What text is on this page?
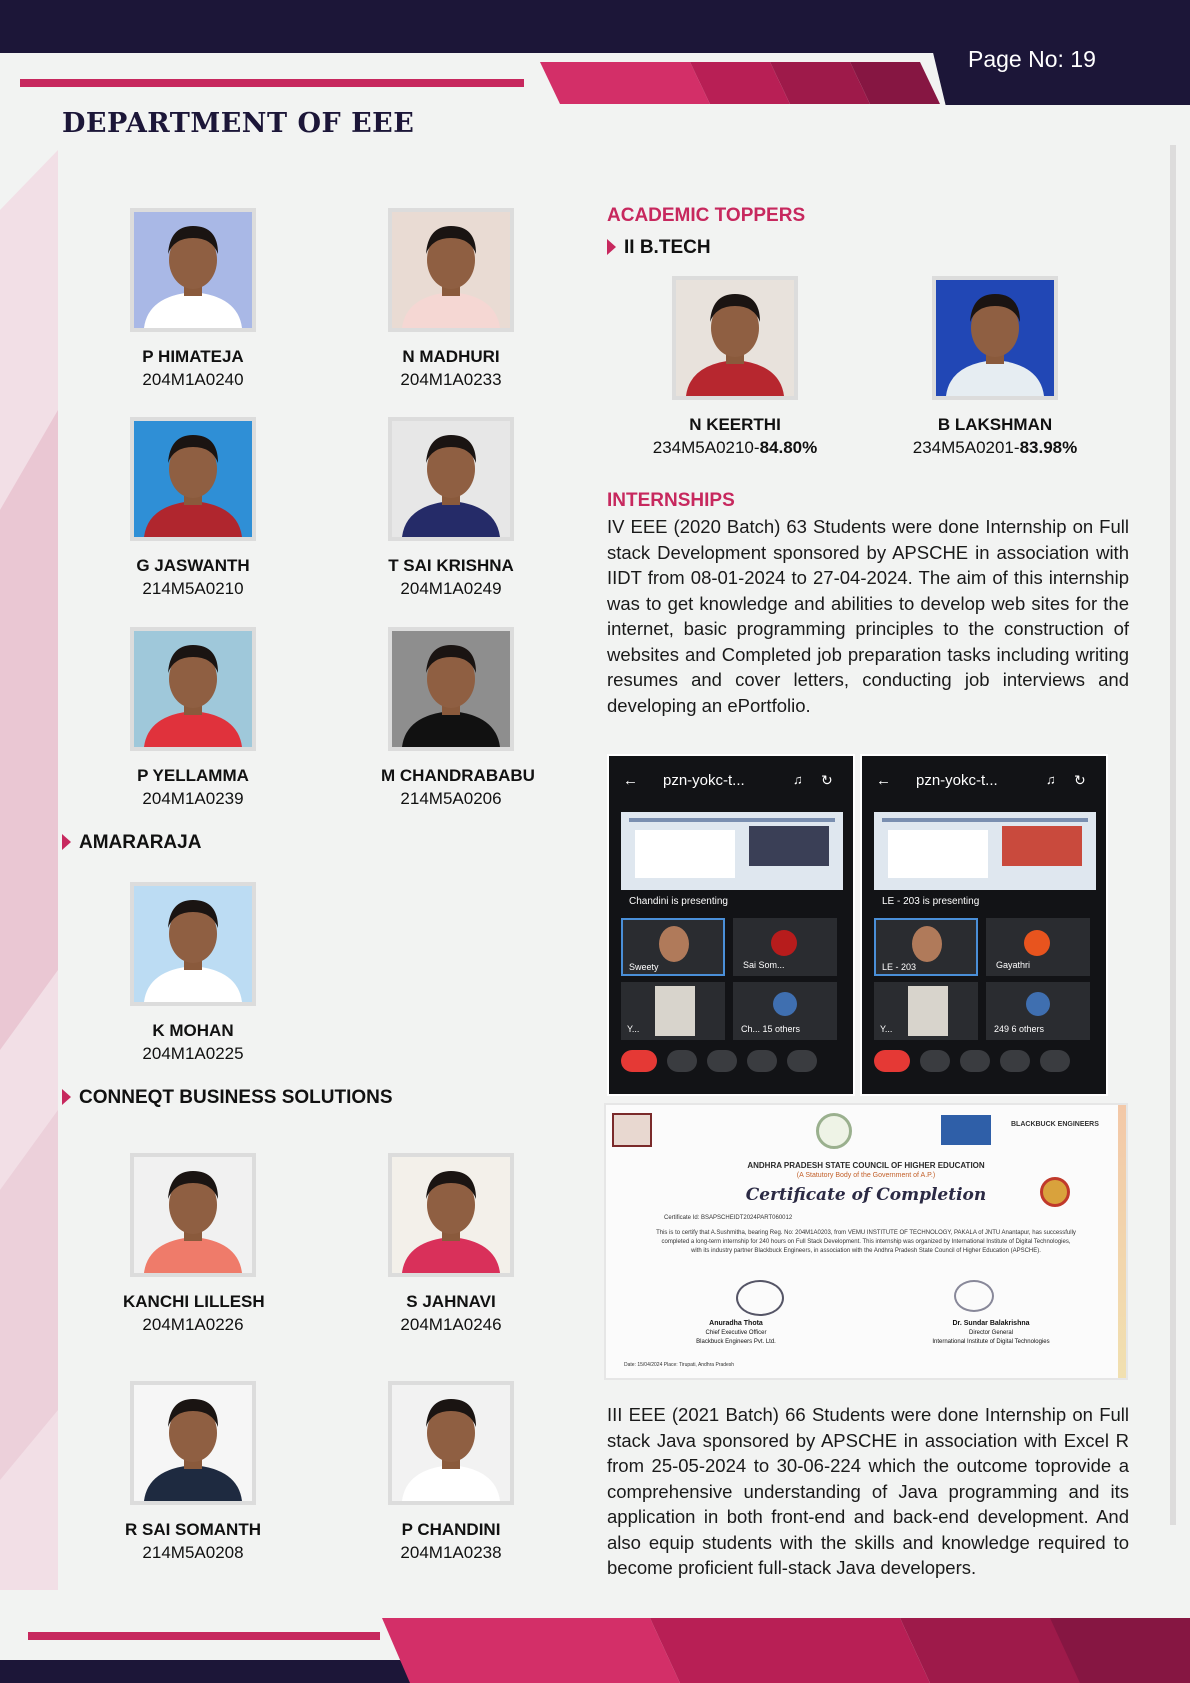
Page No: 19
DEPARTMENT OF EEE
P HIMATEJA
204M1A0240
N MADHURI
204M1A0233
G JASWANTH
214M5A0210
T SAI KRISHNA
204M1A0249
P YELLAMMA
204M1A0239
M CHANDRABABU
214M5A0206
AMARARAJA
K MOHAN
204M1A0225
CONNEQT BUSINESS SOLUTIONS
KANCHI LILLESH
204M1A0226
S JAHNAVI
204M1A0246
R SAI SOMANTH
214M5A0208
P CHANDINI
204M1A0238
ACADEMIC TOPPERS
II B.TECH
N KEERTHI
234M5A0210-84.80%
B LAKSHMAN
234M5A0201-83.98%
INTERNSHIPS
IV EEE (2020 Batch) 63 Students were done Internship on Full stack Development sponsored by APSCHE in association with IIDT from 08-01-2024 to 27-04-2024. The aim of this internship was to get knowledge and abilities to develop web sites for the internet, basic programming principles to the construction of websites and Completed job preparation tasks including writing resumes and cover letters, conducting job interviews and developing an ePortfolio.
← pzn-yokc-t...	♫ ↻
Chandini is presenting
Sweety	Sai Som...
Y...	Ch... 15 others
← pzn-yokc-t...	♫ ↻
LE - 203 is presenting
LE - 203	Gayathri
Y...	249 6 others
BLACKBUCK ENGINEERS
ANDHRA PRADESH STATE COUNCIL OF HIGHER EDUCATION
(A Statutory Body of the Government of A.P.)
Certificate of Completion
Certificate Id: BSAPSCHEIDT2024PART060012
This is to certify that A.Sushmitha, bearing Reg. No: 204M1A0203, from VEMU INSTITUTE OF TECHNOLOGY, PAKALA of JNTU Anantapur, has successfully completed a long-term internship for 240 hours on Full Stack Development. This internship was organized by International Institute of Digital Technologies, with its industry partner Blackbuck Engineers, in association with the Andhra Pradesh State Council of Higher Education (APSCHE).
Anuradha Thota
Chief Executive Officer
Blackbuck Engineers Pvt. Ltd.
Dr. Sundar Balakrishna
Director General
International Institute of Digital Technologies
Date: 15/04/2024 Place: Tirupati, Andhra Pradesh
III EEE (2021 Batch) 66 Students were done Internship on Full stack Java sponsored by APSCHE in association with Excel R from 25-05-2024 to 30-06-224 which the outcome toprovide a comprehensive understanding of Java programming and its application in both front-end and back-end development. And also equip students with the skills and knowledge required to become proficient full-stack Java developers.
